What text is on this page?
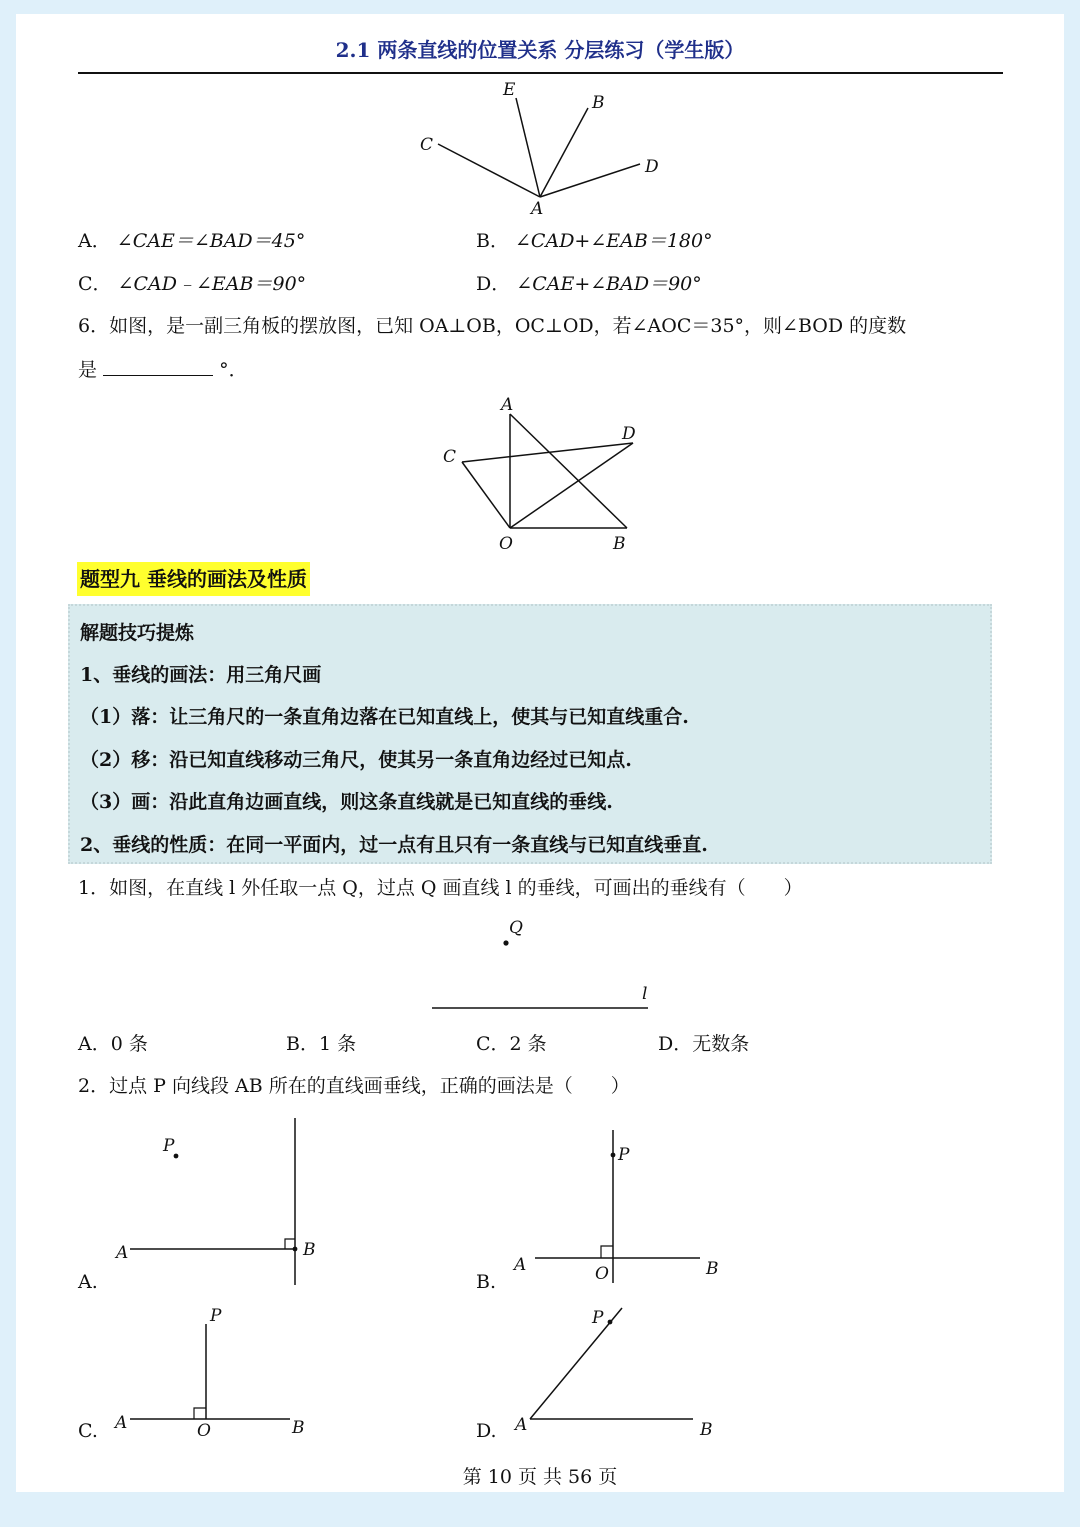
2.1 两条直线的位置关系 分层练习（学生版）
E
B
C
D
A
A． ∠CAE＝∠BAD＝45°	B． ∠CAD+∠EAB＝180°
C． ∠CAD﹣∠EAB＝90°	D． ∠CAE+∠BAD＝90°
6．如图，是一副三角板的摆放图，已知 OA⊥OB，OC⊥OD，若∠AOC＝35°，则∠BOD 的度数
是	°．
A
D
C
O	B
题型九 垂线的画法及性质
解题技巧提炼
1、垂线的画法：用三角尺画
（1）落：让三角尺的一条直角边落在已知直线上，使其与已知直线重合.
（2）移：沿已知直线移动三角尺，使其另一条直角边经过已知点.
（3）画：沿此直角边画直线，则这条直线就是已知直线的垂线.
2、垂线的性质：在同一平面内，过一点有且只有一条直线与已知直线垂直.
1．如图，在直线 l 外任取一点 Q，过点 Q 画直线 l 的垂线，可画出的垂线有（　　）
Q
l
A．0 条	B．1 条	C．2 条	D．无数条
2．过点 P 向线段 AB 所在的直线画垂线，正确的画法是（　　）
A.
P
A	B
B.
P
A	O	B
C.
P
A	O	B	D.
P
A	B
第 10 页 共 56 页
